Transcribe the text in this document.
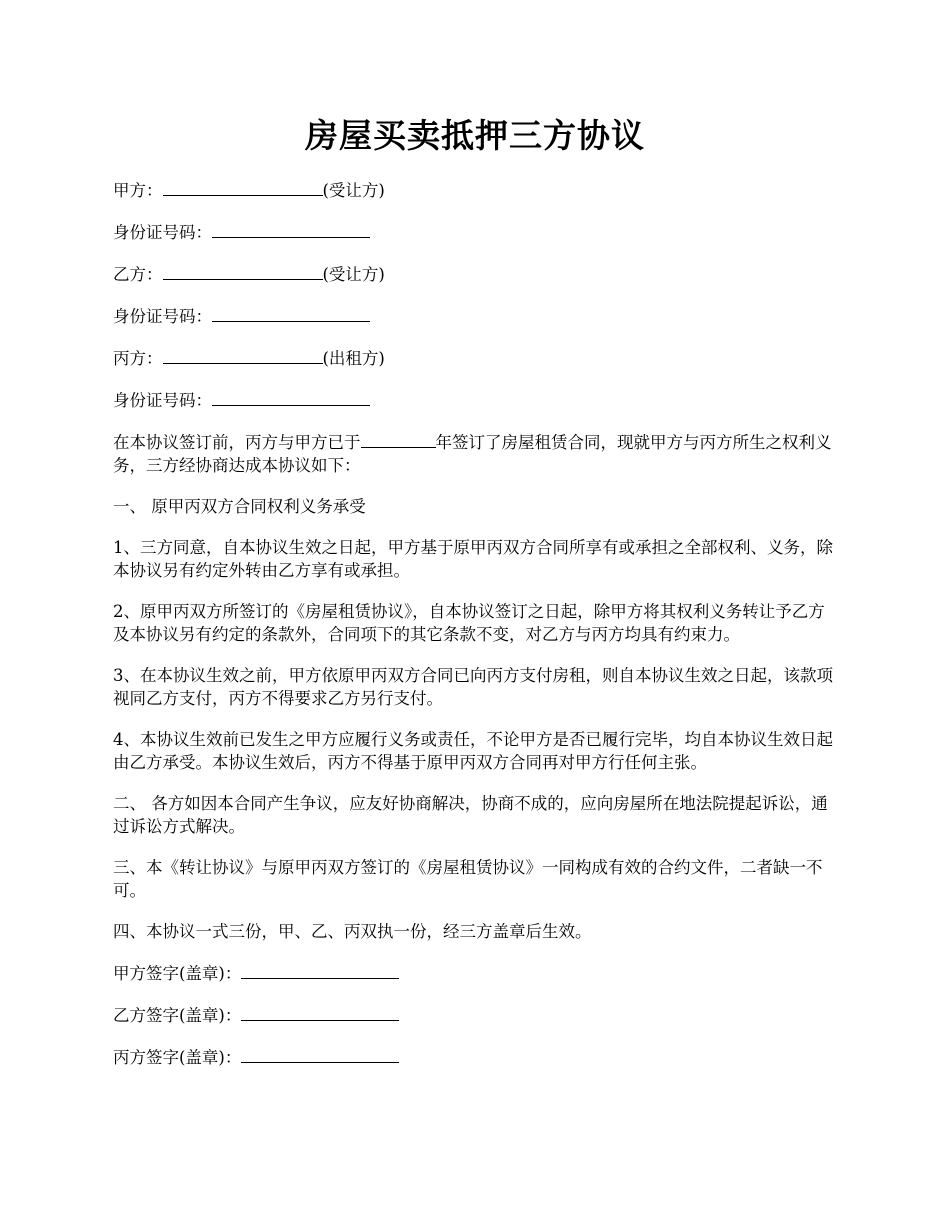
房屋买卖抵押三方协议
甲方：	(受让方)
身份证号码：
乙方：	(受让方)
身份证号码：
丙方：	(出租方)
身份证号码：
在本协议签订前，丙方与甲方已于	年签订了房屋租赁合同，现就甲方与丙方所生之权利义务，三方经协商达成本协议如下：
一、 原甲丙双方合同权利义务承受
1、三方同意，自本协议生效之日起，甲方基于原甲丙双方合同所享有或承担之全部权利、义务，除本协议另有约定外转由乙方享有或承担。
2、原甲丙双方所签订的《房屋租赁协议》，自本协议签订之日起，除甲方将其权利义务转让予乙方及本协议另有约定的条款外，合同项下的其它条款不变，对乙方与丙方均具有约束力。
3、在本协议生效之前，甲方依原甲丙双方合同已向丙方支付房租，则自本协议生效之日起，该款项视同乙方支付，丙方不得要求乙方另行支付。
4、本协议生效前已发生之甲方应履行义务或责任，不论甲方是否已履行完毕，均自本协议生效日起由乙方承受。本协议生效后，丙方不得基于原甲丙双方合同再对甲方行任何主张。
二、 各方如因本合同产生争议，应友好协商解决，协商不成的，应向房屋所在地法院提起诉讼，通过诉讼方式解决。
三、本《转让协议》与原甲丙双方签订的《房屋租赁协议》一同构成有效的合约文件，二者缺一不可。
四、本协议一式三份，甲、乙、丙双执一份，经三方盖章后生效。
甲方签字(盖章)：
乙方签字(盖章)：
丙方签字(盖章)：
